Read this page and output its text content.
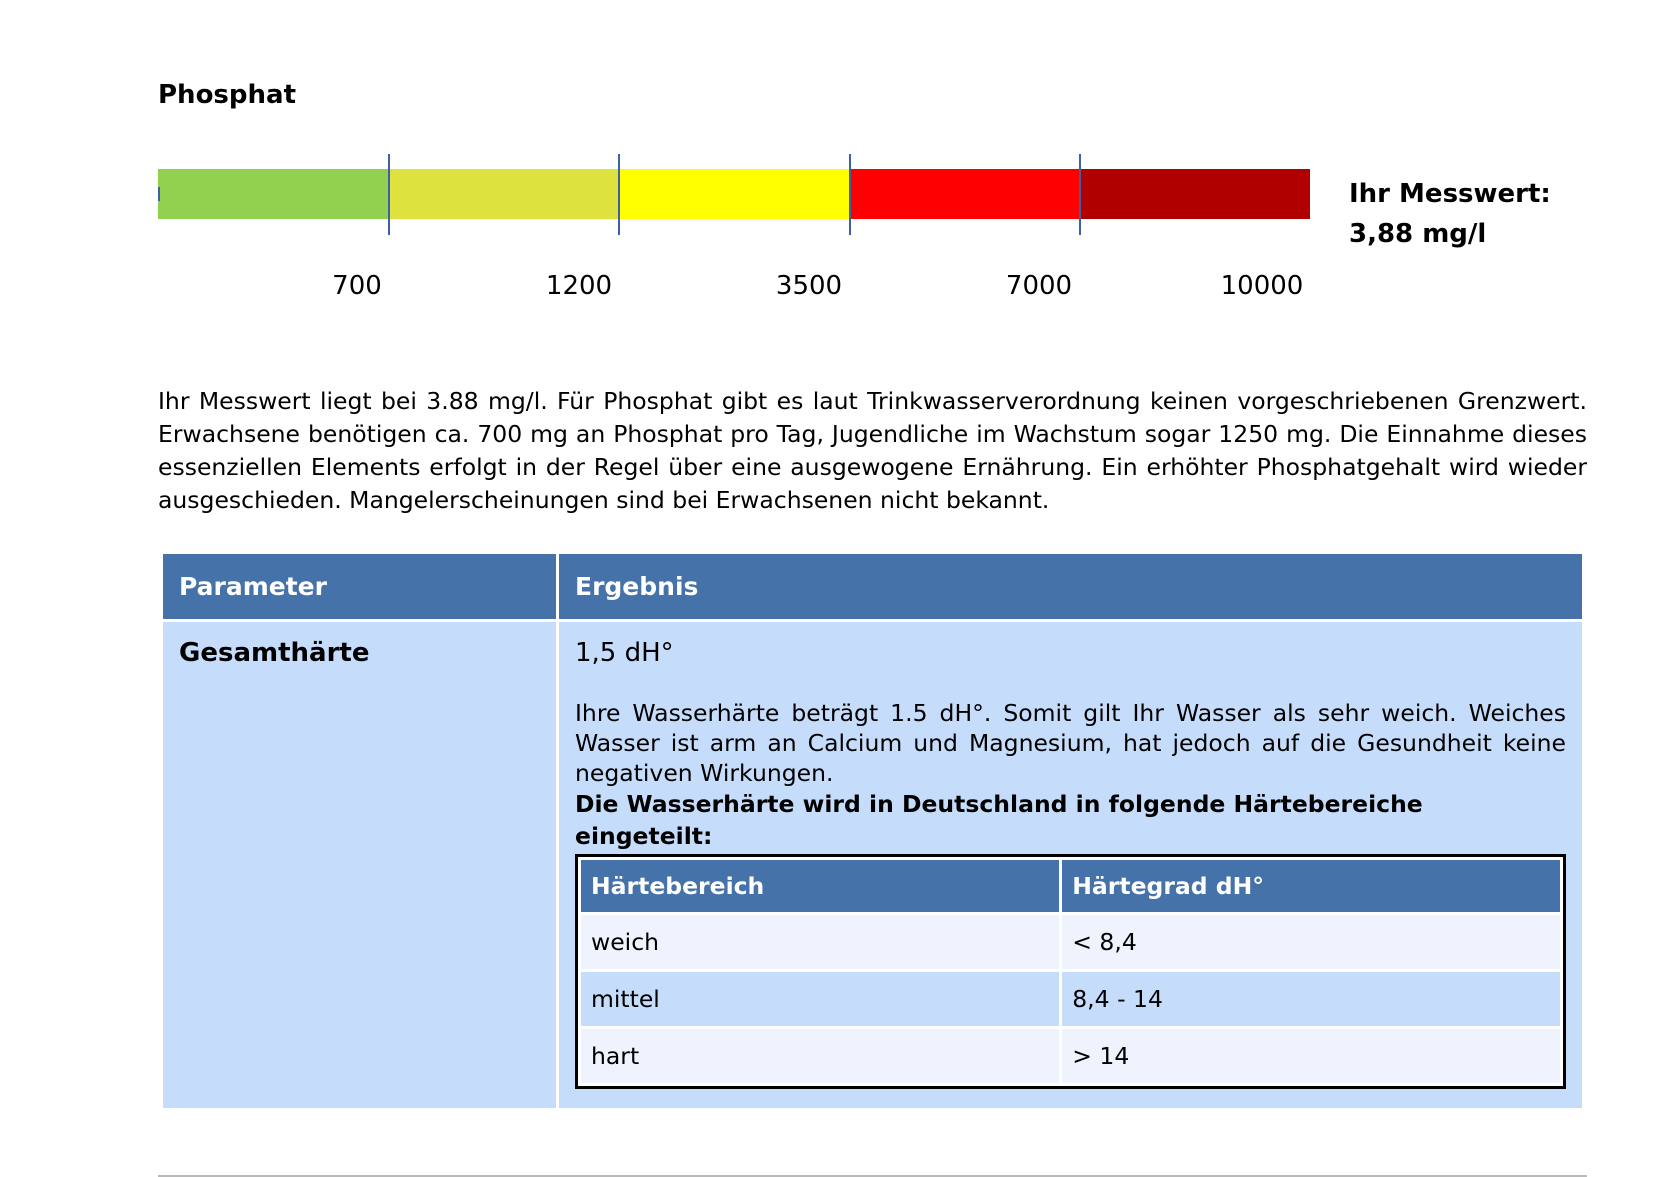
Phosphat
700	1200	3500	7000	10000
Ihr Messwert:
3,88 mg/l

Ihr Messwert liegt bei 3.88 mg/l. Für Phosphat gibt es laut Trinkwasserverordnung keinen vorgeschriebenen Grenzwert. Erwachsene benötigen ca. 700 mg an Phosphat pro Tag, Jugendliche im Wachstum sogar 1250 mg. Die Einnahme dieses essenziellen Elements erfolgt in der Regel über eine ausgewogene Ernährung. Ein erhöhter Phosphatgehalt wird wieder ausgeschieden. Mangelerscheinungen sind bei Erwachsenen nicht bekannt.

Parameter	Ergebnis

Gesamthärte	1,5 dH°

Ihre Wasserhärte beträgt 1.5 dH°. Somit gilt Ihr Wasser als sehr weich. Weiches Wasser ist arm an Calcium und Magnesium, hat jedoch auf die Gesundheit keine negativen Wirkungen.

Die Wasserhärte wird in Deutschland in folgende Härtebereiche eingeteilt:
Härtebereich	Härtegrad dH°
weich	< 8,4
mittel	8,4 - 14
hart	> 14
